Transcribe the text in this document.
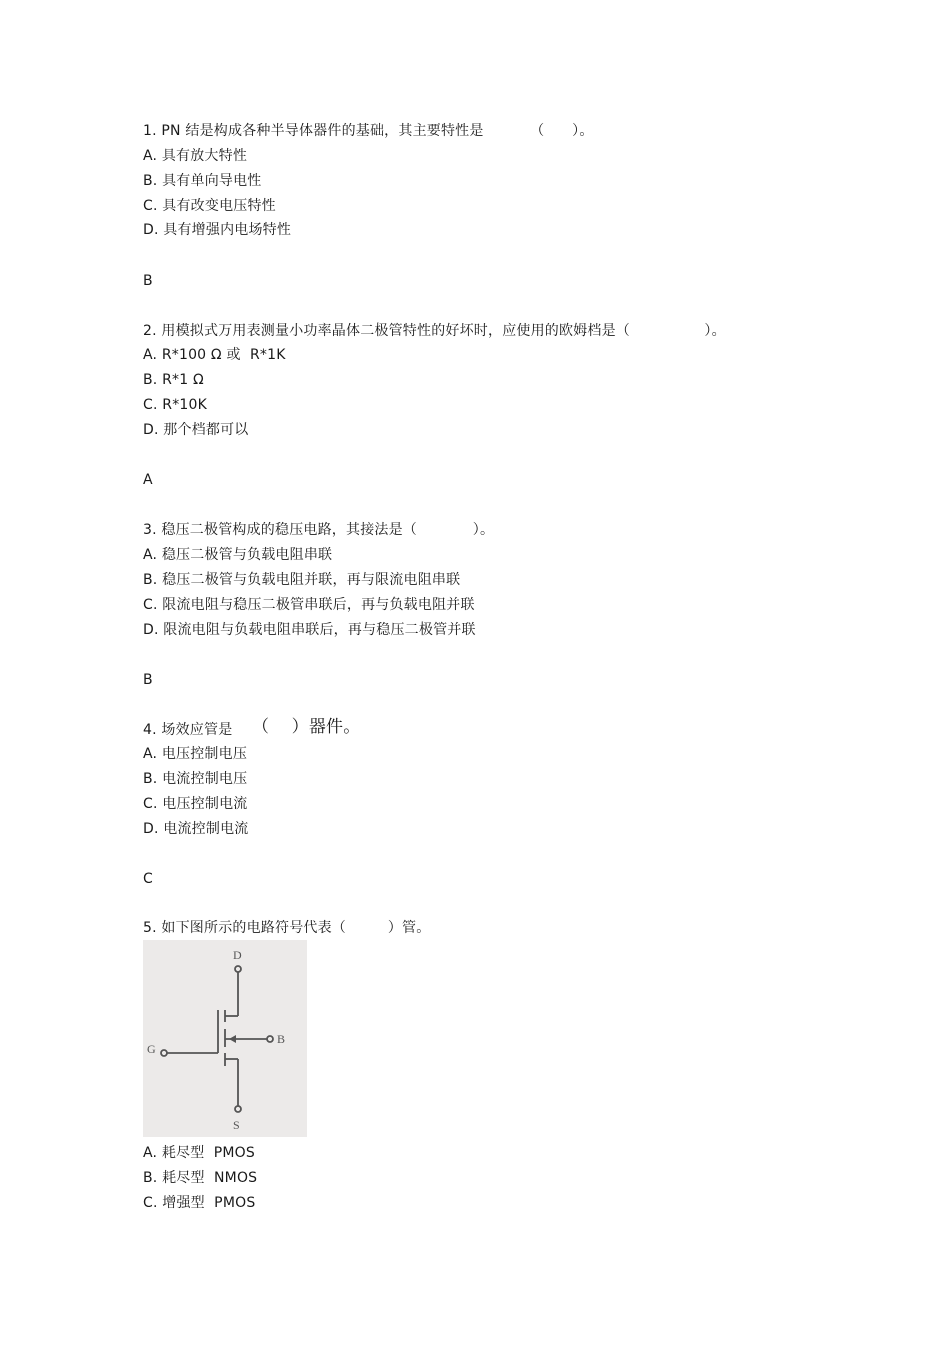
1. PN 结是构成各种半导体器件的基础，其主要特性是          （      ）。
A. 具有放大特性
B. 具有单向导电性
C. 具有改变电压特性
D. 具有增强内电场特性
B
2. 用模拟式万用表测量小功率晶体二极管特性的好坏时，应使用的欧姆档是（                ）。
A. R*100 Ω 或  R*1K
B. R*1 Ω
C. R*10K
D. 那个档都可以
A
3. 稳压二极管构成的稳压电路，其接法是（            ）。
A. 稳压二极管与负载电阻串联
B. 稳压二极管与负载电阻并联，再与限流电阻串联
C. 限流电阻与稳压二极管串联后，再与负载电阻并联
D. 限流电阻与负载电阻串联后，再与稳压二极管并联
B
4. 场效应管是 （    ）器件。
A. 电压控制电压
B. 电流控制电压
C. 电压控制电流
D. 电流控制电流
C
5. 如下图所示的电路符号代表（         ）管。
D
G
B
S
A. 耗尽型  PMOS
B. 耗尽型  NMOS
C. 增强型  PMOS
